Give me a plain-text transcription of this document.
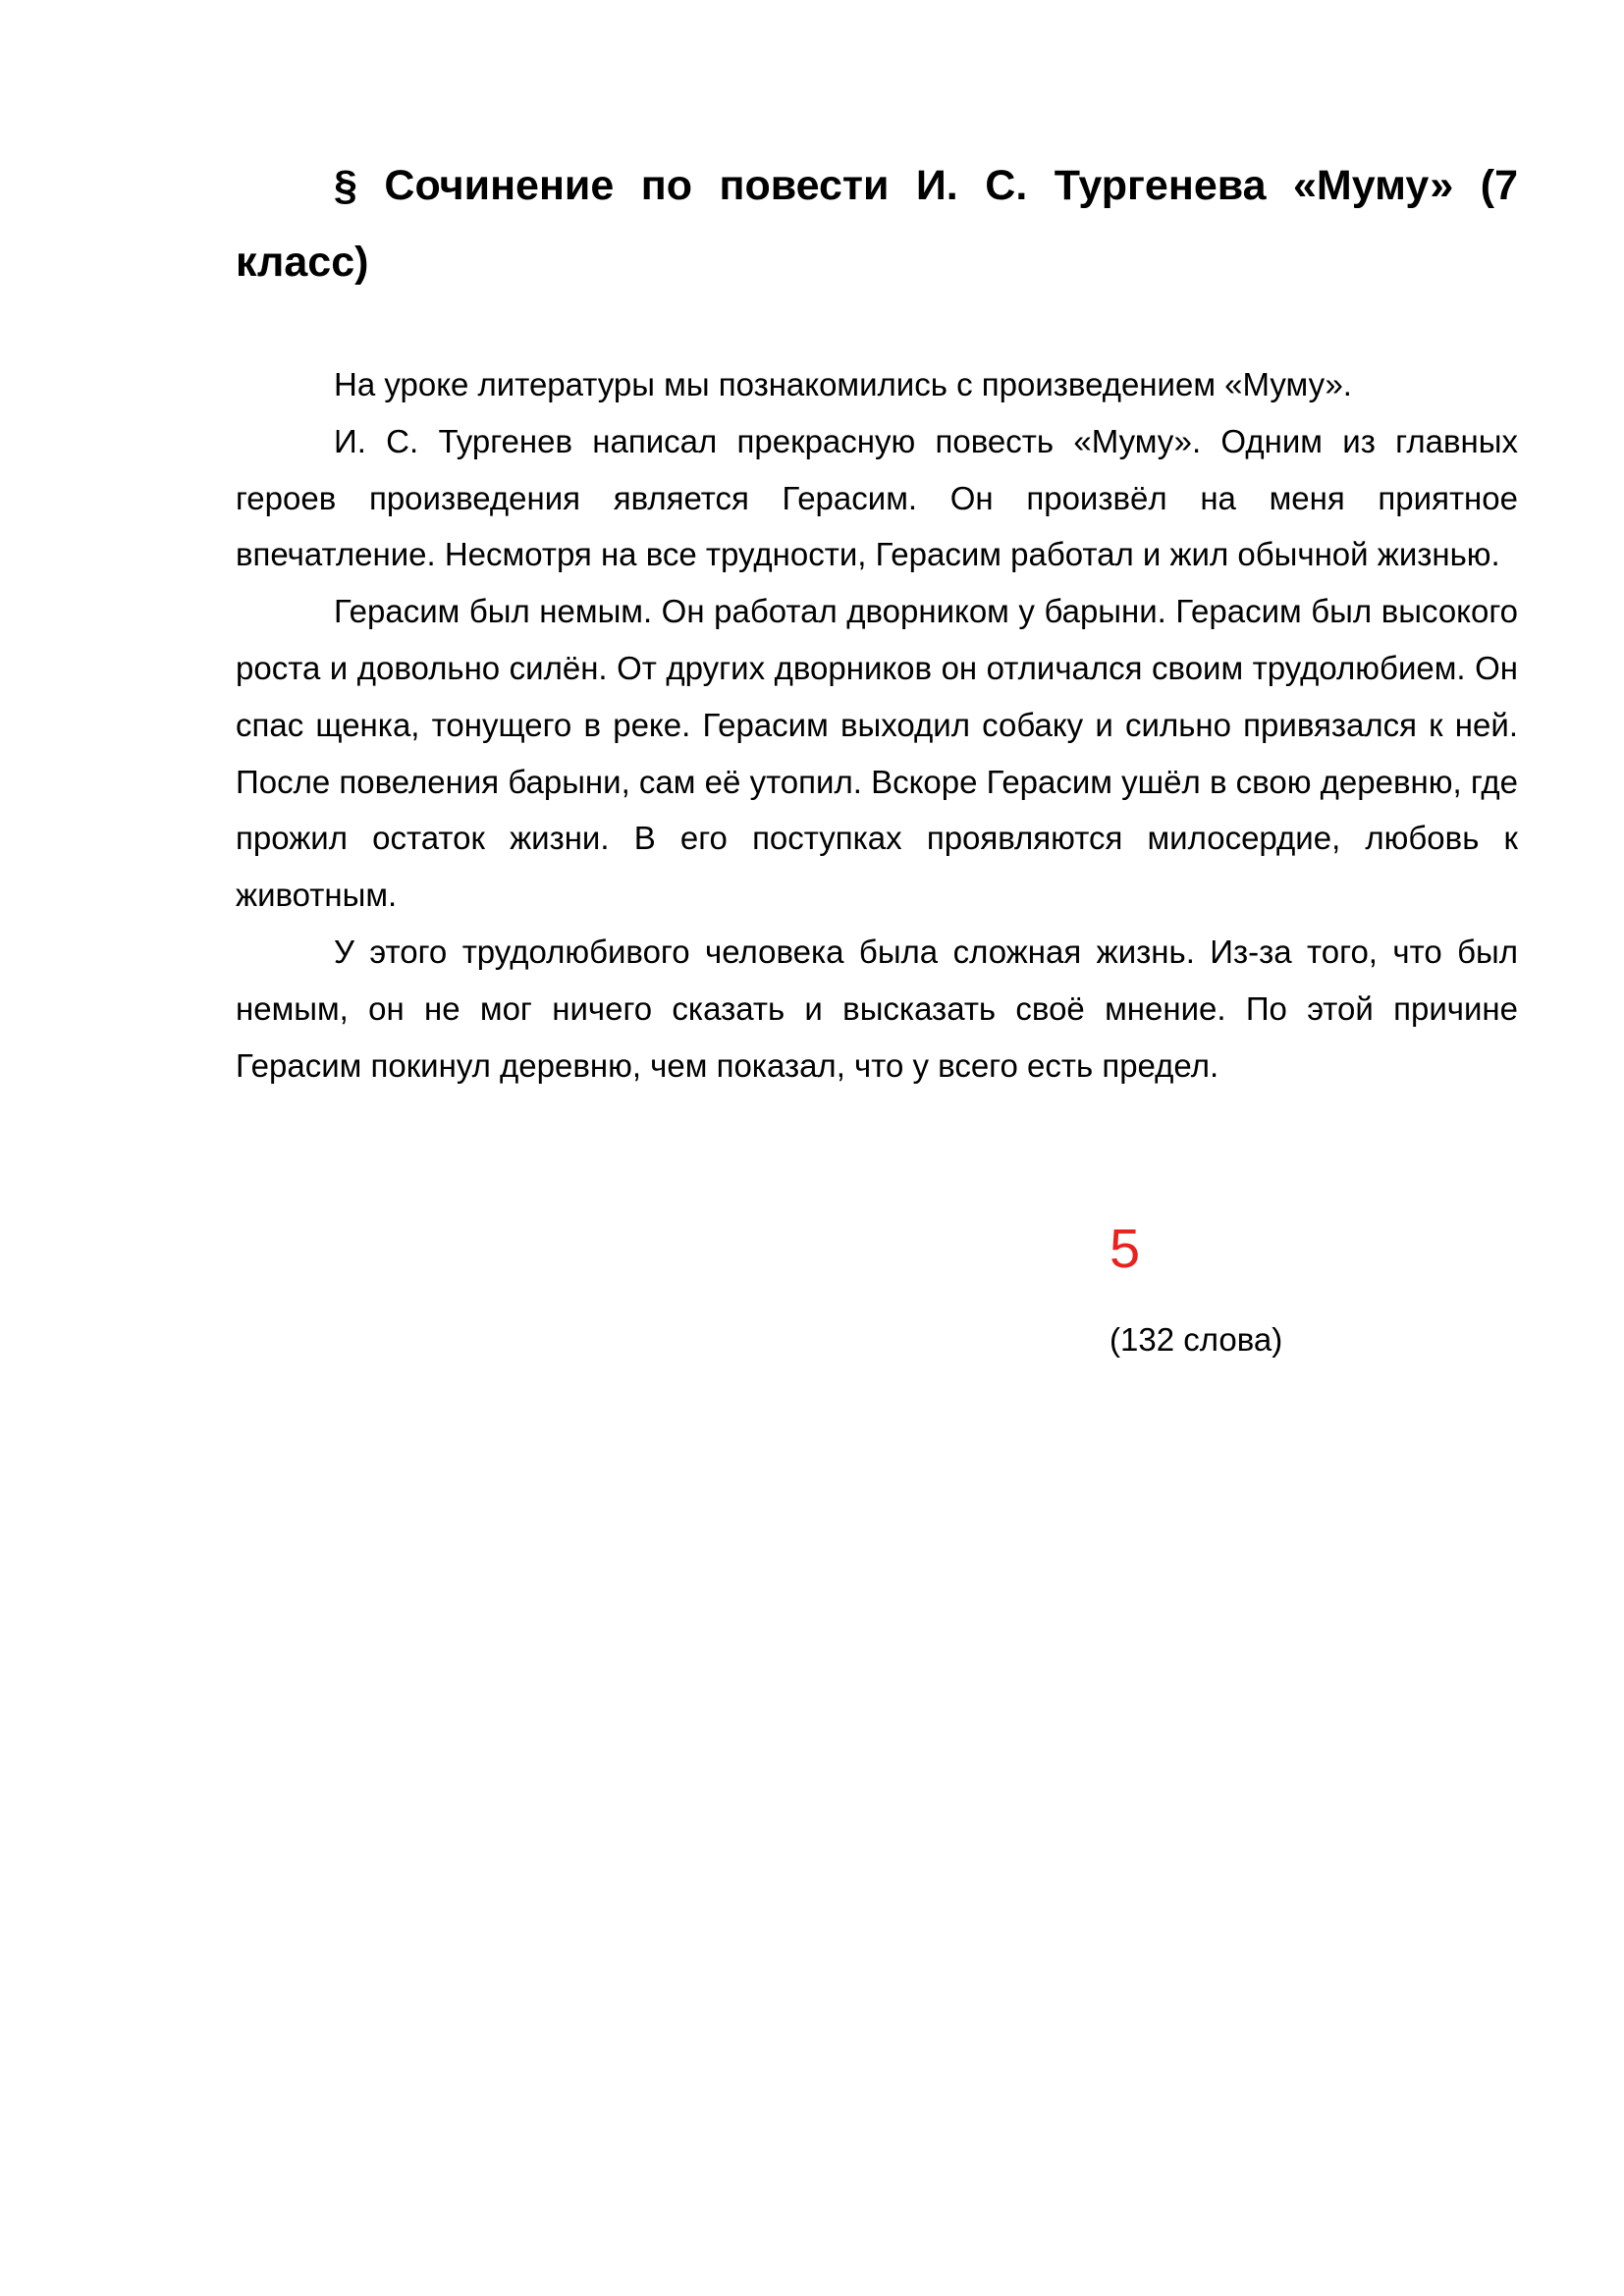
§ Сочинение по повести И. С. Тургенева «Муму» (7 класс)

На уроке литературы мы познакомились с произведением «Муму».

И. С. Тургенев написал прекрасную повесть «Муму». Одним из главных героев произведения является Герасим. Он произвёл на меня приятное впечатление. Несмотря на все трудности, Герасим работал и жил обычной жизнью.

Герасим был немым. Он работал дворником у барыни. Герасим был высокого роста и довольно силён. От других дворников он отличался своим трудолюбием. Он спас щенка, тонущего в реке. Герасим выходил собаку и сильно привязался к ней. После повеления барыни, сам её утопил. Вскоре Герасим ушёл в свою деревню, где прожил остаток жизни. В его поступках проявляются милосердие, любовь к животным.

У этого трудолюбивого человека была сложная жизнь. Из-за того, что был немым, он не мог ничего сказать и высказать своё мнение. По этой причине Герасим покинул деревню, чем показал, что у всего есть предел.

5
(132 слова)
